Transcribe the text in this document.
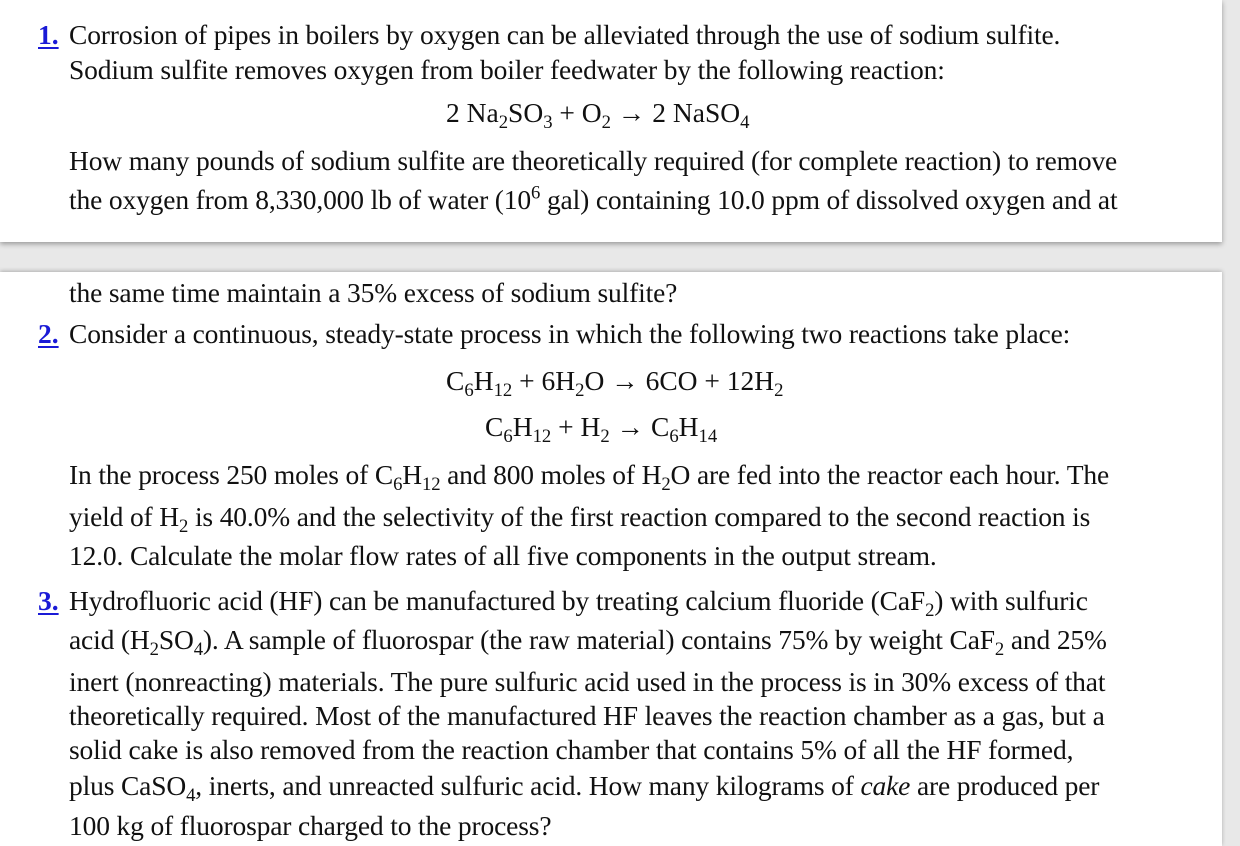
1. Corrosion of pipes in boilers by oxygen can be alleviated through the use of sodium sulfite.
Sodium sulfite removes oxygen from boiler feedwater by the following reaction:
2 $Na_2SO_3 + O_2 \to 2$ NaSO$_4$
How many pounds of sodium sulfite are theoretically required (for complete reaction) to remove
the oxygen from 8,330,000 lb of water ($10^6$ gal) containing 10.0 ppm of dissolved oxygen and at
the same time maintain a 35% excess of sodium sulfite?
2. Consider a continuous, steady-state process in which the following two reactions take place:
$C_6H_{12} + 6H_2O \to 6CO + 12H_2$
$C_6H_{12} + H_2 \to C_6H_{14}$
In the process 250 moles of $C_6H_{12}$ and 800 moles of $H_2O$ are fed into the reactor each hour. The
yield of $H_2$ is 40.0% and the selectivity of the first reaction compared to the second reaction is
12.0. Calculate the molar flow rates of all five components in the output stream.
3. Hydrofluoric acid (HF) can be manufactured by treating calcium fluoride (CaF$_2$) with sulfuric
acid $(H_2SO_4)$. A sample of fluorospar (the raw material) contains 75% by weight CaF$_2$ and 25%
inert (nonreacting) materials. The pure sulfuric acid used in the process is in 30% excess of that
theoretically required. Most of the manufactured HF leaves the reaction chamber as a gas, but a
solid cake is also removed from the reaction chamber that contains 5% of all the HF formed,
plus CaSO$_4$, inerts, and unreacted sulfuric acid. How many kilograms of cake are produced per
100 kg of fluorospar charged to the process?
